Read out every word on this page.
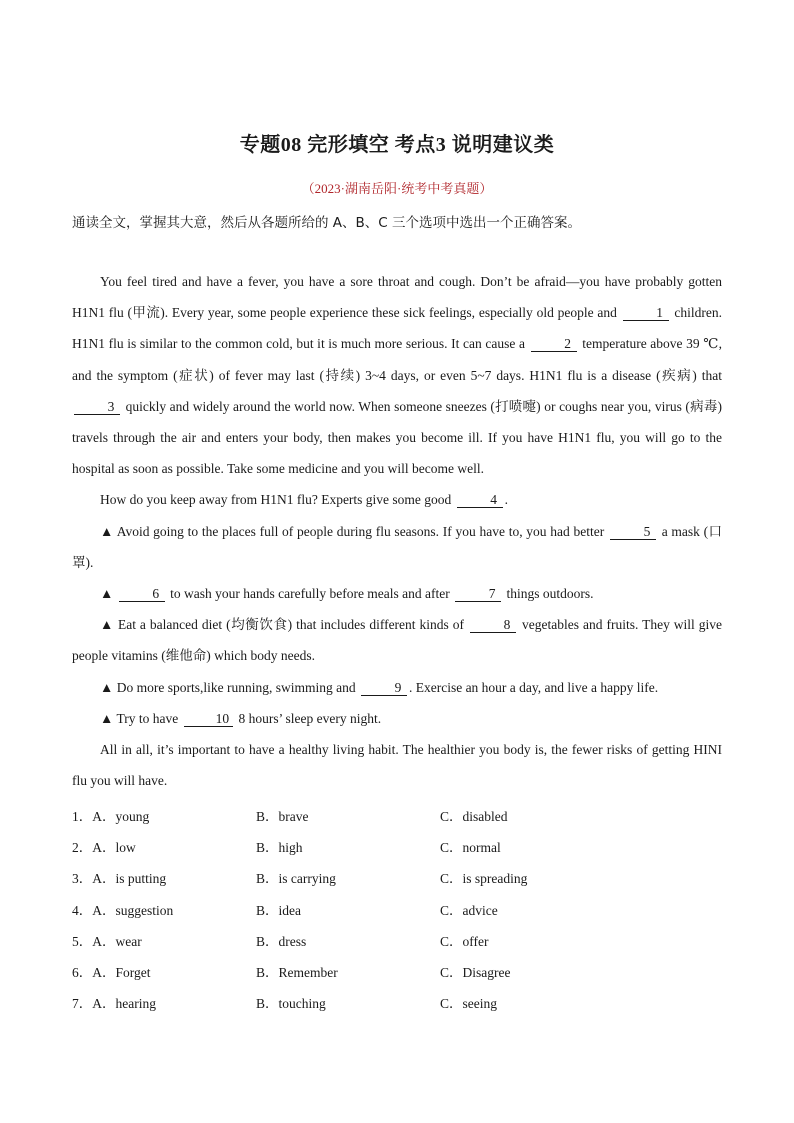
专题08 完形填空 考点3 说明建议类
（2023·湖南岳阳·统考中考真题）
通读全文，掌握其大意，然后从各题所给的 A、B、C 三个选项中选出一个正确答案。

You feel tired and have a fever, you have a sore throat and cough. Don’t be afraid—you have probably gotten H1N1 flu (甲流). Every year, some people experience these sick feelings, especially old people and	1 children. H1N1 flu is similar to the common cold, but it is much more serious. It can cause a	2 temperature above 39 ℃, and the symptom (症状) of fever may last (持续) 3~4 days, or even 5~7 days. H1N1 flu is a disease (疾病) that 3 quickly and widely around the world now. When someone sneezes (打喷嚏) or coughs near you, virus (病毒) travels through the air and enters your body, then makes you become ill. If you have H1N1 flu, you will go to the hospital as soon as possible. Take some medicine and you will become well.

How do you keep away from H1N1 flu? Experts give some good	4 .

▲ Avoid going to the places full of people during flu seasons. If you have to, you had better	5 a mask (口罩).

▲	6 to wash your hands carefully before meals and after	7 things outdoors.

▲ Eat a balanced diet (均衡饮食) that includes different kinds of	8 vegetables and fruits. They will give people vitamins (维他命) which body needs.

▲ Do more sports,like running, swimming and	9 . Exercise an hour a day, and live a happy life.

▲ Try to have	10 8 hours’ sleep every night.

All in all, it’s important to have a healthy living habit. The healthier you body is, the fewer risks of getting HINI flu you will have.

1．A．young	B．brave	C．disabled
2．A．low	B．high	C．normal
3．A．is putting	B．is carrying	C．is spreading
4．A．suggestion	B．idea	C．advice
5．A．wear	B．dress	C．offer
6．A．Forget	B．Remember	C．Disagree
7．A．hearing	B．touching	C．seeing
